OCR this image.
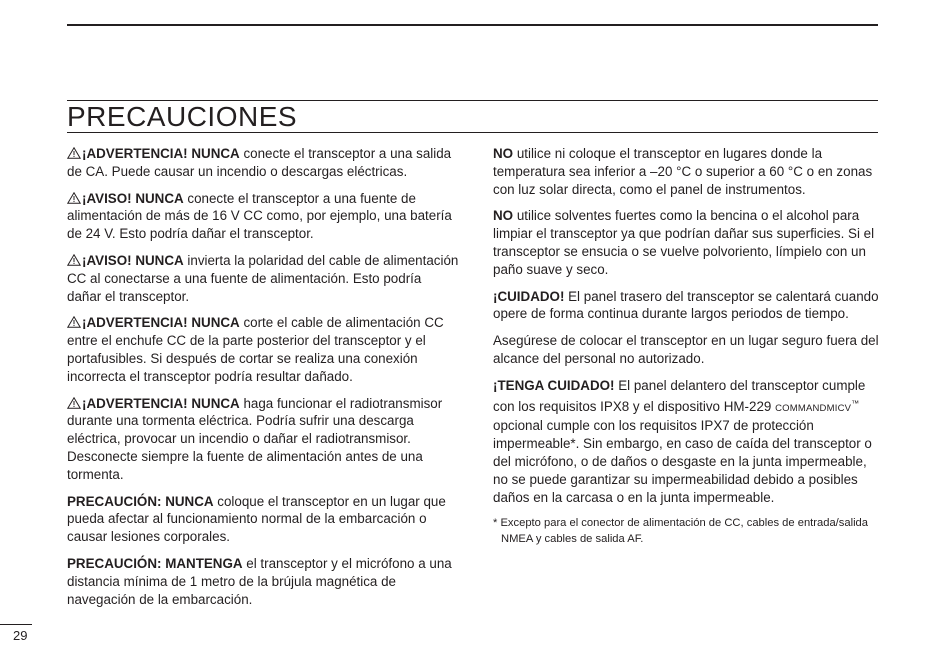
PRECAUCIONES

¡ADVERTENCIA! NUNCA conecte el transceptor a una salida de CA. Puede causar un incendio o descargas eléctricas.

¡AVISO! NUNCA conecte el transceptor a una fuente de alimentación de más de 16 V CC como, por ejemplo, una batería de 24 V. Esto podría dañar el transceptor.

¡AVISO! NUNCA invierta la polaridad del cable de alimentación CC al conectarse a una fuente de alimentación. Esto podría dañar el transceptor.

¡ADVERTENCIA! NUNCA corte el cable de alimentación CC entre el enchufe CC de la parte posterior del transceptor y el portafusibles. Si después de cortar se realiza una conexión incorrecta el transceptor podría resultar dañado.

¡ADVERTENCIA! NUNCA haga funcionar el radiotransmisor durante una tormenta eléctrica. Podría sufrir una descarga eléctrica, provocar un incendio o dañar el radiotransmisor. Desconecte siempre la fuente de alimentación antes de una tormenta.

PRECAUCIÓN: NUNCA coloque el transceptor en un lugar que pueda afectar al funcionamiento normal de la embarcación o causar lesiones corporales.

PRECAUCIÓN: MANTENGA el transceptor y el micrófono a una distancia mínima de 1 metro de la brújula magnética de navegación de la embarcación.

NO utilice ni coloque el transceptor en lugares donde la temperatura sea inferior a –20 °C o superior a 60 °C o en zonas con luz solar directa, como el panel de instrumentos.

NO utilice solventes fuertes como la bencina o el alcohol para limpiar el transceptor ya que podrían dañar sus superficies. Si el transceptor se ensucia o se vuelve polvoriento, límpielo con un paño suave y seco.

¡CUIDADO! El panel trasero del transceptor se calentará cuando opere de forma continua durante largos periodos de tiempo.

Asegúrese de colocar el transceptor en un lugar seguro fuera del alcance del personal no autorizado.

¡TENGA CUIDADO! El panel delantero del transceptor cumple con los requisitos IPX8 y el dispositivo HM-229 COMMANDMICV™ opcional cumple con los requisitos IPX7 de protección impermeable*. Sin embargo, en caso de caída del transceptor o del micrófono, o de daños o desgaste en la junta impermeable, no se puede garantizar su impermeabilidad debido a posibles daños en la carcasa o en la junta impermeable.

* Excepto para el conector de alimentación de CC, cables de entrada/salida NMEA y cables de salida AF.

29
